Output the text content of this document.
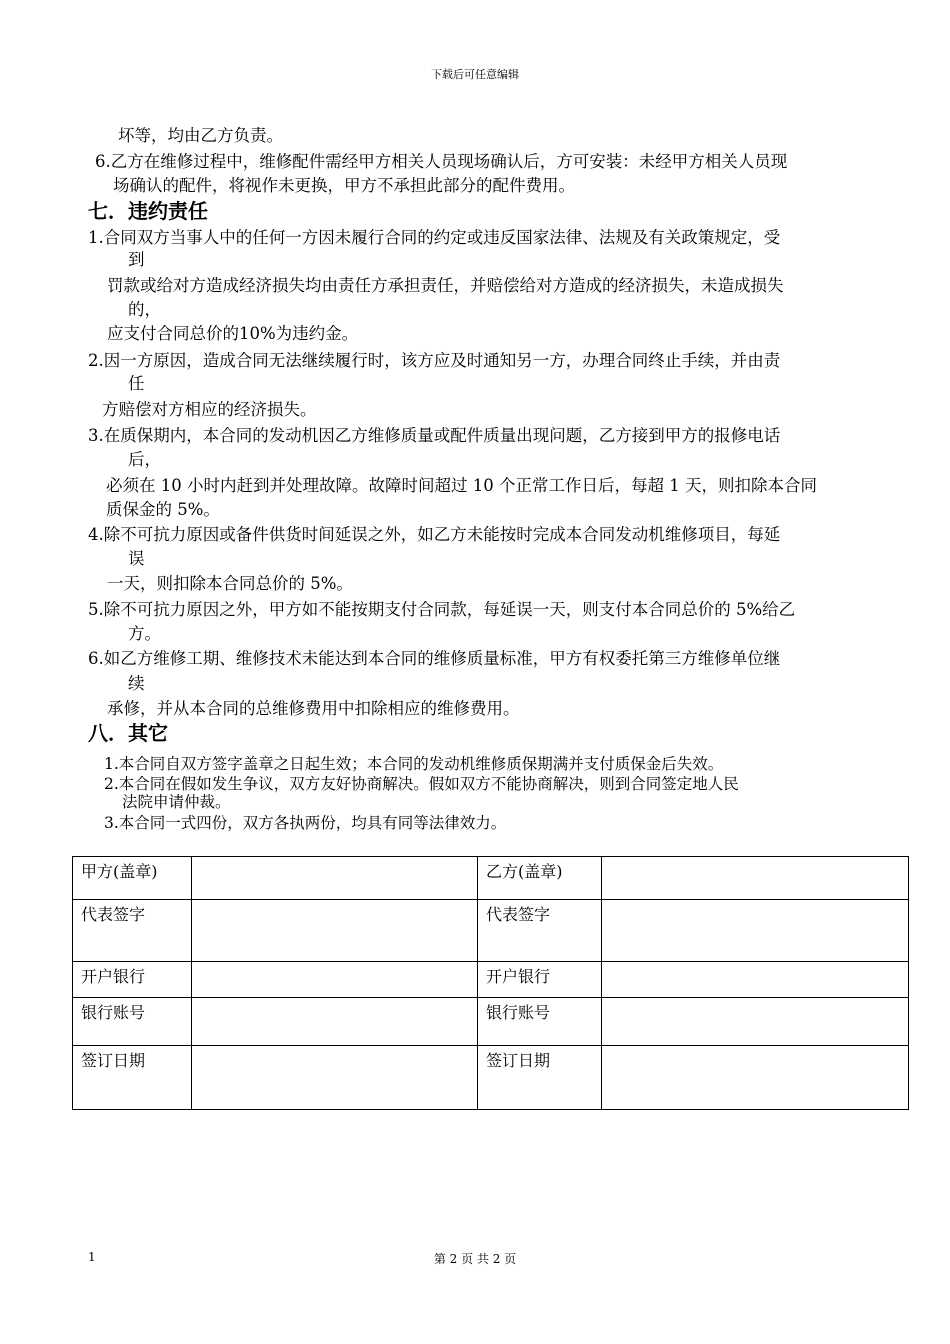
下载后可任意编辑
坏等，均由乙方负责。
6.乙方在维修过程中，维修配件需经甲方相关人员现场确认后，方可安装：未经甲方相关人员现
场确认的配件，将视作未更换，甲方不承担此部分的配件费用。
七．违约责任
1.合同双方当事人中的任何一方因未履行合同的约定或违反国家法律、法规及有关政策规定，受
到
罚款或给对方造成经济损失均由责任方承担责任，并赔偿给对方造成的经济损失，未造成损失
的，
应支付合同总价的10%为违约金。
2.因一方原因，造成合同无法继续履行时，该方应及时通知另一方，办理合同终止手续，并由责
任
方赔偿对方相应的经济损失。
3.在质保期内，本合同的发动机因乙方维修质量或配件质量出现问题，乙方接到甲方的报修电话
后，
必须在 10 小时内赶到并处理故障。故障时间超过 10 个正常工作日后，每超 1 天，则扣除本合同
质保金的 5%。
4.除不可抗力原因或备件供货时间延误之外，如乙方未能按时完成本合同发动机维修项目，每延
误
一天，则扣除本合同总价的 5%。
5.除不可抗力原因之外，甲方如不能按期支付合同款，每延误一天，则支付本合同总价的 5%给乙
方。
6.如乙方维修工期、维修技术未能达到本合同的维修质量标准，甲方有权委托第三方维修单位继
续
承修，并从本合同的总维修费用中扣除相应的维修费用。
八．其它
1.本合同自双方签字盖章之日起生效；本合同的发动机维修质保期满并支付质保金后失效。
2.本合同在假如发生争议，双方友好协商解决。假如双方不能协商解决，则到合同签定地人民
法院申请仲裁。
3.本合同一式四份，双方各执两份，均具有同等法律效力。
甲方(盖章)		乙方(盖章)	
代表签字		代表签字	
开户银行		开户银行	
银行账号		银行账号	
签订日期		签订日期	
1	第 2 页 共 2 页
